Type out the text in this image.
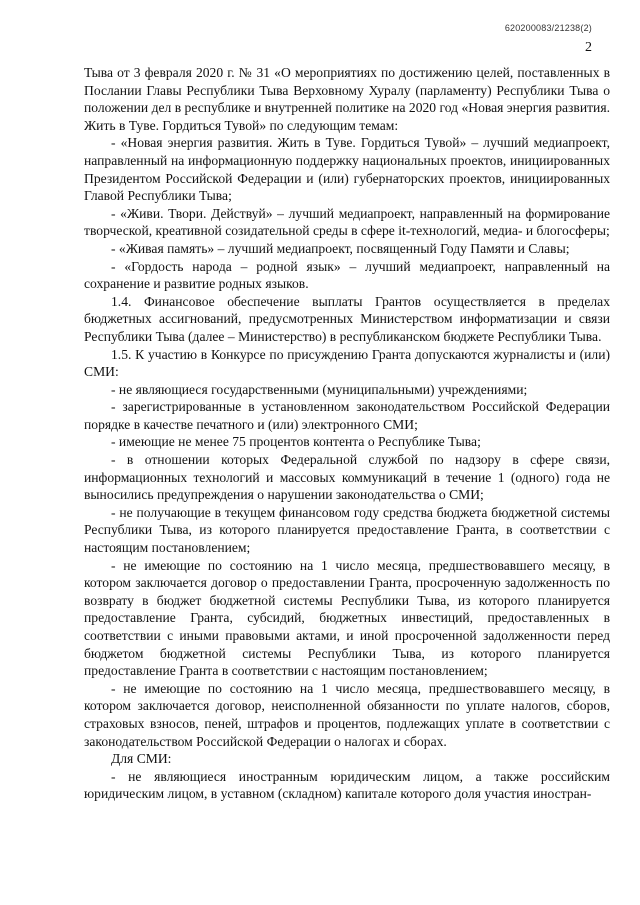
620200083/21238(2)
2

Тыва от 3 февраля 2020 г. № 31 «О мероприятиях по достижению целей, поставленных в Послании Главы Республики Тыва Верховному Хуралу (парламенту) Республики Тыва о положении дел в республике и внутренней политике на 2020 год «Новая энергия развития. Жить в Туве. Гордиться Тувой» по следующим темам:

- «Новая энергия развития. Жить в Туве. Гордиться Тувой» – лучший медиапроект, направленный на информационную поддержку национальных проектов, инициированных Президентом Российской Федерации и (или) губернаторских проектов, инициированных Главой Республики Тыва;

- «Живи. Твори. Действуй» – лучший медиапроект, направленный на формирование творческой, креативной созидательной среды в сфере it-технологий, медиа- и блогосферы;

- «Живая память» – лучший медиапроект, посвященный Году Памяти и Славы;

- «Гордость народа – родной язык» – лучший медиапроект, направленный на сохранение и развитие родных языков.

1.4. Финансовое обеспечение выплаты Грантов осуществляется в пределах бюджетных ассигнований, предусмотренных Министерством информатизации и связи Республики Тыва (далее – Министерство) в республиканском бюджете Республики Тыва.

1.5. К участию в Конкурсе по присуждению Гранта допускаются журналисты и (или) СМИ:

- не являющиеся государственными (муниципальными) учреждениями;

- зарегистрированные в установленном законодательством Российской Федерации порядке в качестве печатного и (или) электронного СМИ;

- имеющие не менее 75 процентов контента о Республике Тыва;

- в отношении которых Федеральной службой по надзору в сфере связи, информационных технологий и массовых коммуникаций в течение 1 (одного) года не выносились предупреждения о нарушении законодательства о СМИ;

- не получающие в текущем финансовом году средства бюджета бюджетной системы Республики Тыва, из которого планируется предоставление Гранта, в соответствии с настоящим постановлением;

- не имеющие по состоянию на 1 число месяца, предшествовавшего месяцу, в котором заключается договор о предоставлении Гранта, просроченную задолженность по возврату в бюджет бюджетной системы Республики Тыва, из которого планируется предоставление Гранта, субсидий, бюджетных инвестиций, предоставленных в соответствии с иными правовыми актами, и иной просроченной задолженности перед бюджетом бюджетной системы Республики Тыва, из которого планируется предоставление Гранта в соответствии с настоящим постановлением;

- не имеющие по состоянию на 1 число месяца, предшествовавшего месяцу, в котором заключается договор, неисполненной обязанности по уплате налогов, сборов, страховых взносов, пеней, штрафов и процентов, подлежащих уплате в соответствии с законодательством Российской Федерации о налогах и сборах.

Для СМИ:

- не являющиеся иностранным юридическим лицом, а также российским юридическим лицом, в уставном (складном) капитале которого доля участия иностран-
